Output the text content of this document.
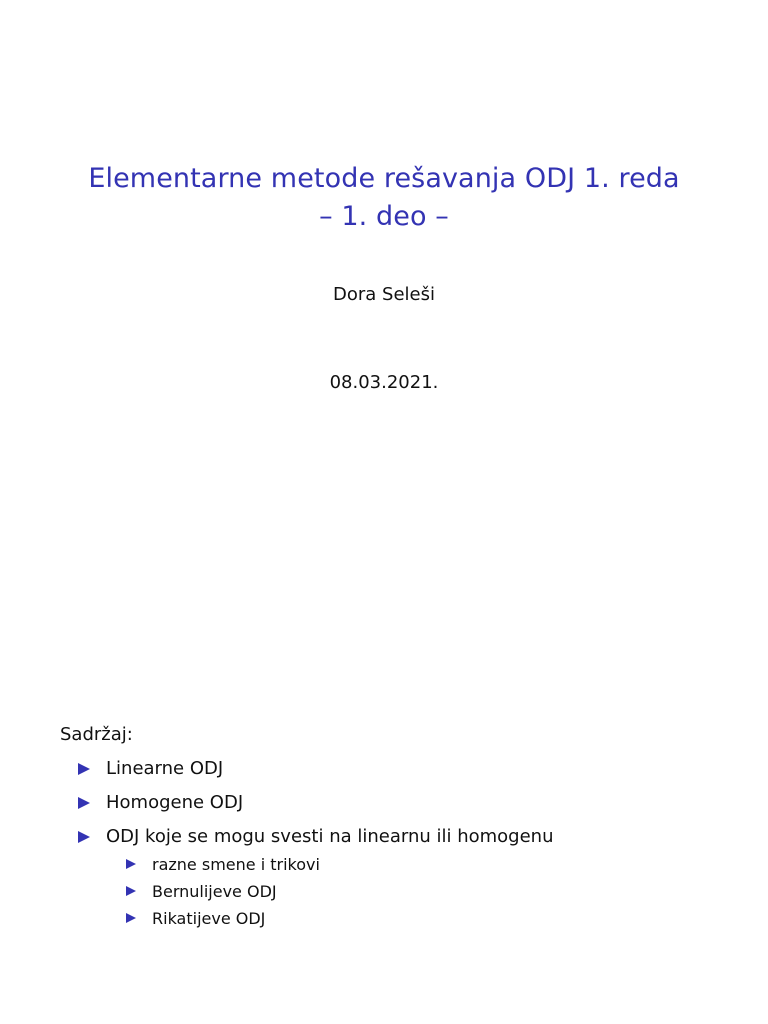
Elementarne metode rešavanja ODJ 1. reda
– 1. deo –
Dora Seleši
08.03.2021.
Sadržaj:
Linearne ODJ
Homogene ODJ
ODJ koje se mogu svesti na linearnu ili homogenu
razne smene i trikovi
Bernulijeve ODJ
Rikatijeve ODJ
